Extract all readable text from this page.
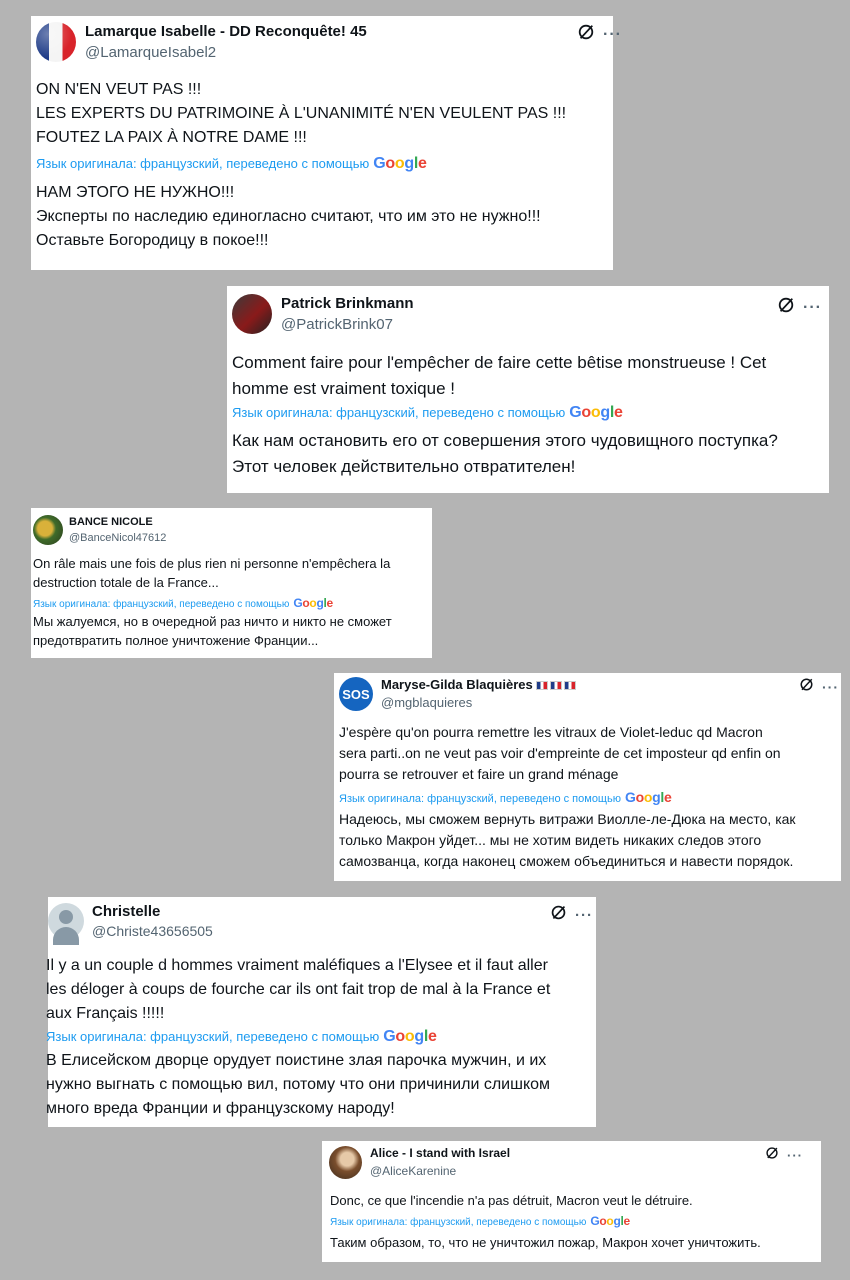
Lamarque Isabelle - DD Reconquête! 45
@LamarqueIsabel2
···

ON N'EN VEUT PAS !!!

LES EXPERTS DU PATRIMOINE À L'UNANIMITÉ N'EN VEULENT PAS !!!

FOUTEZ LA PAIX À NOTRE DAME !!!

Язык оригинала: французский, переведено с помощью Google

НАМ ЭТОГО НЕ НУЖНО!!!

Эксперты по наследию единогласно считают, что им это не нужно!!!

Оставьте Богородицу в покое!!!

Patrick Brinkmann
@PatrickBrink07
···

Comment faire pour l'empêcher de faire cette bêtise monstrueuse ! Cet

homme est vraiment toxique !

Язык оригинала: французский, переведено с помощью Google

Как нам остановить его от совершения этого чудовищного поступка?

Этот человек действительно отвратителен!

BANCE NICOLE
@BanceNicol47612

On râle mais une fois de plus rien ni personne n'empêchera la

destruction totale de la France...

Язык оригинала: французский, переведено с помощью Google

Мы жалуемся, но в очередной раз ничто и никто не сможет

предотвратить полное уничтожение Франции...

SOS
Maryse-Gilda Blaquières
@mgblaquieres
···

J'espère qu'on pourra remettre les vitraux de Violet-leduc qd Macron

sera parti..on ne veut pas voir d'empreinte de cet imposteur qd enfin on

pourra se retrouver et faire un grand ménage

Язык оригинала: французский, переведено с помощью Google

Надеюсь, мы сможем вернуть витражи Виолле-ле-Дюка на место, как

только Макрон уйдет... мы не хотим видеть никаких следов этого

самозванца, когда наконец сможем объединиться и навести порядок.

Christelle
@Christe43656505
···

Il y a un couple d hommes vraiment maléfiques a l'Elysee et il faut aller

les déloger à coups de fourche car ils ont fait trop de mal à la France et

aux Français !!!!!

Язык оригинала: французский, переведено с помощью Google

В Елисейском дворце орудует поистине злая парочка мужчин, и их

нужно выгнать с помощью вил, потому что они причинили слишком

много вреда Франции и французскому народу!

Alice - I stand with Israel
@AliceKarenine
···

Donc, ce que l'incendie n'a pas détruit, Macron veut le détruire.

Язык оригинала: французский, переведено с помощью Google

Таким образом, то, что не уничтожил пожар, Макрон хочет уничтожить.
